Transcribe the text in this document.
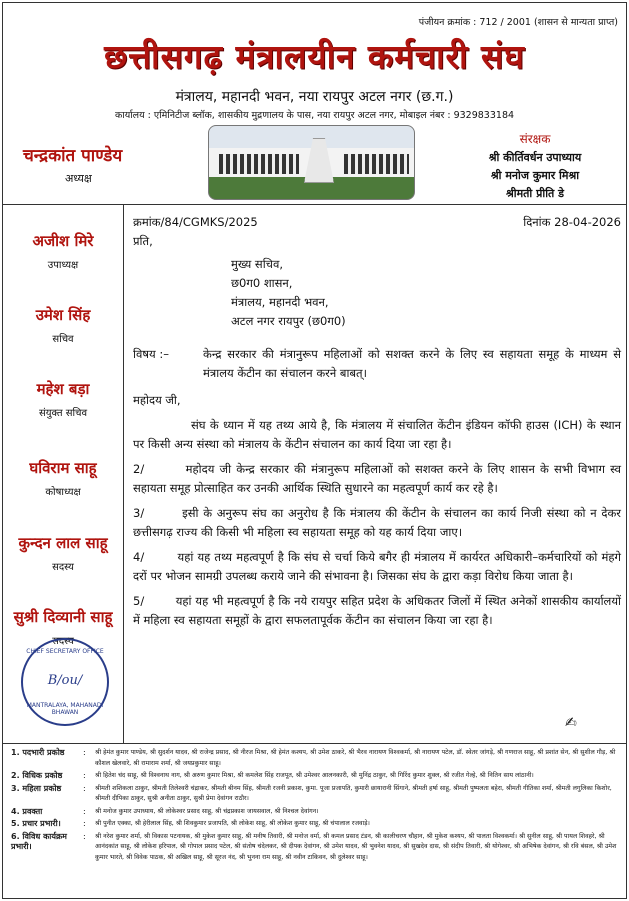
पंजीयन क्रमांक : 712 / 2001 (शासन से मान्यता प्राप्त)
छत्तीसगढ़ मंत्रालयीन कर्मचारी संघ
मंत्रालय, महानदी भवन, नया रायपुर अटल नगर (छ.ग.)
कार्यालय : एमिनिटीज ब्लॉक, शासकीय मुद्रणालय के पास, नया रायपुर अटल नगर, मोबाइल नंबर : 9329833184
चन्द्रकांत पाण्डेय
अध्यक्ष
संरक्षक
श्री कीर्तिवर्धन उपाध्याय
श्री मनोज कुमार मिश्रा
श्रीमती प्रीति डे
अजीश मिरे
उपाध्यक्ष
उमेश सिंह
सचिव
महेश बड़ा
संयुक्त सचिव
घविराम साहू
कोषाध्यक्ष
कुन्दन लाल साहू
सदस्य
सुश्री दिव्यानी साहू
सदस्य
CHIEF SECRETARY OFFICE
B/ou/
MANTRALAYA, MAHANADI BHAWAN
क्रमांक/84/CGMKS/2025	दिनांक 28-04-2026
प्रति,
मुख्य सचिव,
छ0ग0 शासन,
मंत्रालय, महानदी भवन,
अटल नगर रायपुर (छ0ग0)
विषय :–	केन्द्र सरकार की मंत्रानुरूप महिलाओं को सशक्त करने के लिए स्व सहायता समूह के माध्यम से मंत्रालय केंटीन का संचालन करने बाबत्।
महोदय जी,
संघ के ध्यान में यह तथ्य आये है, कि मंत्रालय में संचालित केंटीन इंडियन कॉफी हाउस (ICH) के स्थान पर किसी अन्य संस्था को मंत्रालय के केंटीन संचालन का कार्य दिया जा रहा है।
2/        महोदय जी केन्द्र सरकार की मंत्रानुरूप महिलाओं को सशक्त करने के लिए शासन के सभी विभाग स्व सहायता समूह प्रोत्साहित कर उनकी आर्थिक स्थिति सुधारने का महत्वपूर्ण कार्य कर रहे है।
3/        इसी के अनुरूप संघ का अनुरोध है कि मंत्रालय की केंटीन के संचालन का कार्य निजी संस्था को न देकर छत्तीसगढ़ राज्य की किसी भी महिला स्व सहायता समूह को यह कार्य दिया जाए।
4/        यहां यह तथ्य महत्वपूर्ण है कि संघ से चर्चा किये बगैर ही मंत्रालय में कार्यरत अधिकारी–कर्मचारियों को मंहगे दरों पर भोजन सामग्री उपलब्ध कराये जाने की संभावना है। जिसका संघ के द्वारा कड़ा विरोध किया जाता है।
5/        यहां यह भी महत्वपूर्ण है कि नये रायपुर सहित प्रदेश के अधिकतर जिलों में स्थित अनेकों शासकीय कार्यालयों में महिला स्व सहायता समूहों के द्वारा सफलतापूर्वक केंटीन का संचालन किया जा रहा है।
✍
1. पदभारी प्रकोष्ठ	:	श्री हेमंत कुमार पाण्डेय, श्री सुदर्शन यादव, श्री राजेन्द्र प्रसाद, श्री नीरज मिश्रा, श्री हेमंत कश्यप, श्री उमेश ठाकरे, श्री भैरव नारायण विश्वकर्मा, श्री नारायण पटेल, डॉ. स्वेतर जांगड़े, श्री गणराज साहू, श्री प्रशांत सेन, श्री सुशील गौड़, श्री कौशल खेलवारे, श्री रामाराम शर्मा, श्री जयप्रकुमार साहू।
2. विधिक प्रकोष्ठ	:	श्री हितेश चंद साहू, श्री विश्वनाथ नाग, श्री अरुण कुमार मिश्रा, श्री कमलेश सिंह राजपूत, श्री उमेश्वर आलनकारी, श्री मुनिंद्र ठाकुर, श्री गिरिंद कुमार शुक्ल, श्री रजीत गेल्हे, श्री नितिन साय लांठानी।
3. महिला प्रकोष्ठ	:	श्रीमती शशिकला ठाकुर, श्रीमती तिलेश्वरी चंद्राकर, श्रीमती बीनम सिंह, श्रीमती रजनी प्रकाश, कुमा. पूजा प्रजापति, कुमारी छायारानी सिंगाने, श्रीमती हर्षा साहू, श्रीमती पुष्पलता बहेरा, श्रीमती गीतिका शर्मा, श्रीमती लगुलिका किशोर, श्रीमती दीपिका ठाकुर, सुश्री अनीता ठाकुर, सुश्री प्रेमा देवांगन राठौर।
4. प्रवक्ता	:	श्री मनोज कुमार उपाध्याय, श्री लोकेश्वर प्रसाद साहू, श्री चंद्रप्रकाश जायसवाल, श्री निश्चल देवांगन।
5. प्रचार प्रभारी।	:	श्री पुनीत एक्का, श्री हेरीलाल सिंह, श्री शिवकुमार प्रजापति, श्री लोकेश साहू, श्री लोकेश कुमार साहू, श्री चंपालाल रजवाड़े।
6. विविध कार्यक्रम प्रभारी।
:	श्री नरेश कुमार शर्मा, श्री विकास पटनायक, श्री मुकेश कुमार साहू, श्री मनीष तिवारी, श्री मनोज वर्मा, श्री कमल प्रसाद टंडन, श्री कालीचरण चौहान, श्री मुकेश कश्यप, श्री पालता विश्वकर्मा। श्री सुनील साहू, श्री पायल शिवहरे, श्री आनंदकांत साहू, श्री लोकेश हरिपाल, श्री गोपाल प्रसाद पटेल, श्री संतोष चंदेलकर, श्री दीपक देवांगन, श्री उमेश यादव, श्री भुवनेश यादव, श्री सुखदेव दास, श्री संदीप तिवारी, श्री योगेश्वर, श्री अभिषेक देवांगन, श्री रवि बंसल, श्री उमेश कुमार भारते, श्री विवेक पाठक, श्री अखिल साहू, श्री सूरज नंद, श्री भुनना राम साहू, श्री नवीन टाकिवन, श्री दुलेश्वर साहू।
